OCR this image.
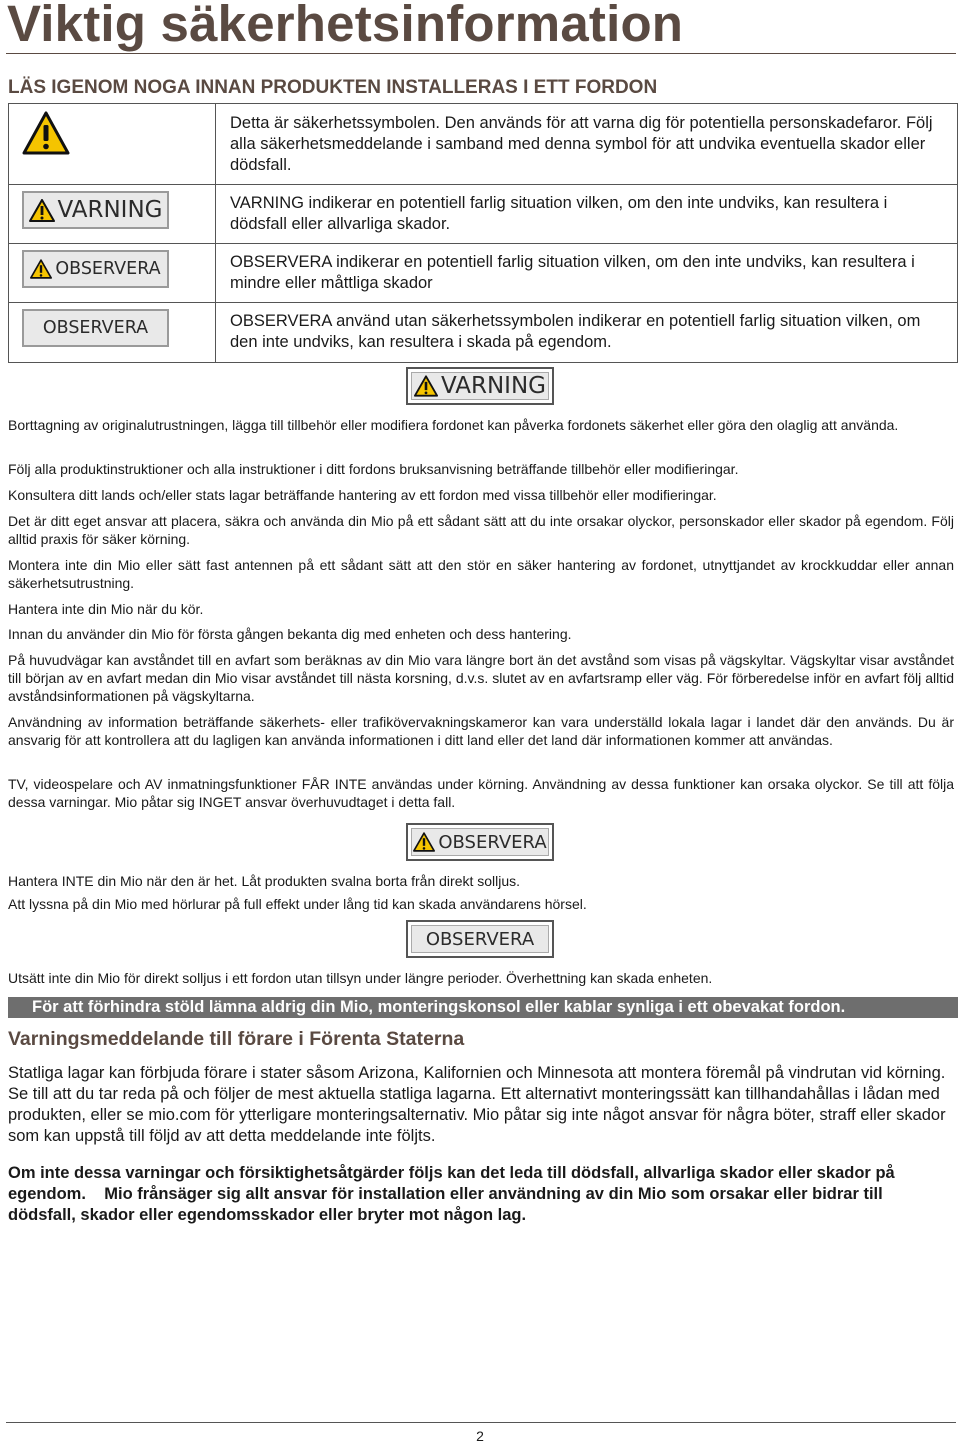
Viktig säkerhetsinformation
LÄS IGENOM NOGA INNAN PRODUKTEN INSTALLERAS I ETT FORDON
	Detta är säkerhetssymbolen. Den används för att varna dig för potentiella personskadefaror. Följ alla säkerhetsmeddelande i samband med denna symbol för att undvika eventuella skador eller dödsfall.

VARNING	VARNING indikerar en potentiell farlig situation vilken, om den inte undviks, kan resultera i dödsfall eller allvarliga skador.

OBSERVERA	OBSERVERA indikerar en potentiell farlig situation vilken, om den inte undviks, kan resultera i mindre eller måttliga skador

OBSERVERA	OBSERVERA använd utan säkerhetssymbolen indikerar en potentiell farlig situation vilken, om den inte undviks, kan resultera i skada på egendom.
VARNING

Borttagning av originalutrustningen, lägga till tillbehör eller modifiera fordonet kan påverka fordonets säkerhet eller göra den olaglig att använda.

Följ alla produktinstruktioner och alla instruktioner i ditt fordons bruksanvisning beträffande tillbehör eller modifieringar.

Konsultera ditt lands och/eller stats lagar beträffande hantering av ett fordon med vissa tillbehör eller modifieringar.

Det är ditt eget ansvar att placera, säkra och använda din Mio på ett sådant sätt att du inte orsakar olyckor, personskador eller skador på egendom. Följ alltid praxis för säker körning.

Montera inte din Mio eller sätt fast antennen på ett sådant sätt att den stör en säker hantering av fordonet, utnyttjandet av krockkuddar eller annan säkerhetsutrustning.

Hantera inte din Mio när du kör.

Innan du använder din Mio för första gången bekanta dig med enheten och dess hantering.

På huvudvägar kan avståndet till en avfart som beräknas av din Mio vara längre bort än det avstånd som visas på vägskyltar. Vägskyltar visar avståndet till början av en avfart medan din Mio visar avståndet till nästa korsning, d.v.s. slutet av en avfartsramp eller väg. För förberedelse inför en avfart följ alltid avståndsinformationen på vägskyltarna.

Användning av information beträffande säkerhets- eller trafikövervakningskameror kan vara underställd lokala lagar i landet där den används. Du är ansvarig för att kontrollera att du lagligen kan använda informationen i ditt land eller det land där informationen kommer att användas.

TV, videospelare och AV inmatningsfunktioner FÅR INTE användas under körning. Användning av dessa funktioner kan orsaka olyckor. Se till att följa dessa varningar. Mio påtar sig INGET ansvar överhuvudtaget i detta fall.

OBSERVERA

Hantera INTE din Mio när den är het. Låt produkten svalna borta från direkt solljus.

Att lyssna på din Mio med hörlurar på full effekt under lång tid kan skada användarens hörsel.

OBSERVERA

Utsätt inte din Mio för direkt solljus i ett fordon utan tillsyn under längre perioder. Överhettning kan skada enheten.

För att förhindra stöld lämna aldrig din Mio, monteringskonsol eller kablar synliga i ett obevakat fordon.
Varningsmeddelande till förare i Förenta Staterna

Statliga lagar kan förbjuda förare i stater såsom Arizona, Kalifornien och Minnesota att montera föremål på vindrutan vid körning. Se till att du tar reda på och följer de mest aktuella statliga lagarna. Ett alternativt monteringssätt kan tillhandahållas i lådan med produkten, eller se mio.com för ytterligare monteringsalternativ. Mio påtar sig inte något ansvar för några böter, straff eller skador som kan uppstå till följd av att detta meddelande inte följts.

Om inte dessa varningar och försiktighetsåtgärder följs kan det leda till dödsfall, allvarliga skador eller skador på egendom.    Mio frånsäger sig allt ansvar för installation eller användning av din Mio som orsakar eller bidrar till dödsfall, skador eller egendomsskador eller bryter mot någon lag.

2
